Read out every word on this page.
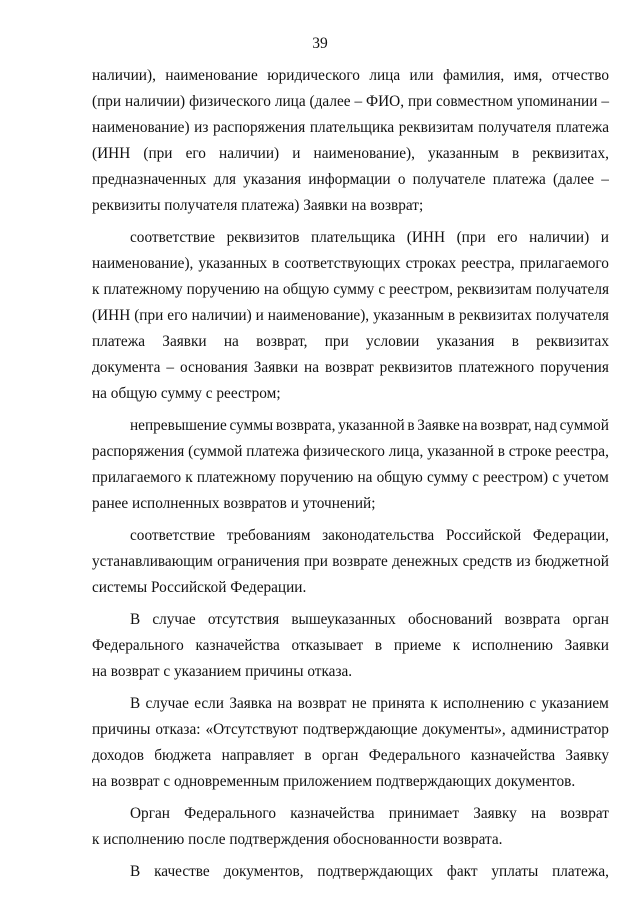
39
наличии), наименование юридического лица или фамилия, имя, отчество
(при наличии) физического лица (далее – ФИО, при совместном упоминании –
наименование) из распоряжения плательщика реквизитам получателя платежа
(ИНН (при его наличии) и наименование), указанным в реквизитах,
предназначенных для указания информации о получателе платежа (далее –
реквизиты получателя платежа) Заявки на возврат;
соответствие реквизитов плательщика (ИНН (при его наличии) и
наименование), указанных в соответствующих строках реестра, прилагаемого
к платежному поручению на общую сумму с реестром, реквизитам получателя
(ИНН (при его наличии) и наименование), указанным в реквизитах получателя
платежа Заявки на возврат, при условии указания в реквизитах
документа – основания Заявки на возврат реквизитов платежного поручения
на общую сумму с реестром;
непревышение суммы возврата, указанной в Заявке на возврат, над суммой
распоряжения (суммой платежа физического лица, указанной в строке реестра,
прилагаемого к платежному поручению на общую сумму с реестром) с учетом
ранее исполненных возвратов и уточнений;
соответствие требованиям законодательства Российской Федерации,
устанавливающим ограничения при возврате денежных средств из бюджетной
системы Российской Федерации.
В случае отсутствия вышеуказанных обоснований возврата орган
Федерального казначейства отказывает в приеме к исполнению Заявки
на возврат с указанием причины отказа.
В случае если Заявка на возврат не принята к исполнению с указанием
причины отказа: «Отсутствуют подтверждающие документы», администратор
доходов бюджета направляет в орган Федерального казначейства Заявку
на возврат с одновременным приложением подтверждающих документов.
Орган Федерального казначейства принимает Заявку на возврат
к исполнению после подтверждения обоснованности возврата.
В качестве документов, подтверждающих факт уплаты платежа,
